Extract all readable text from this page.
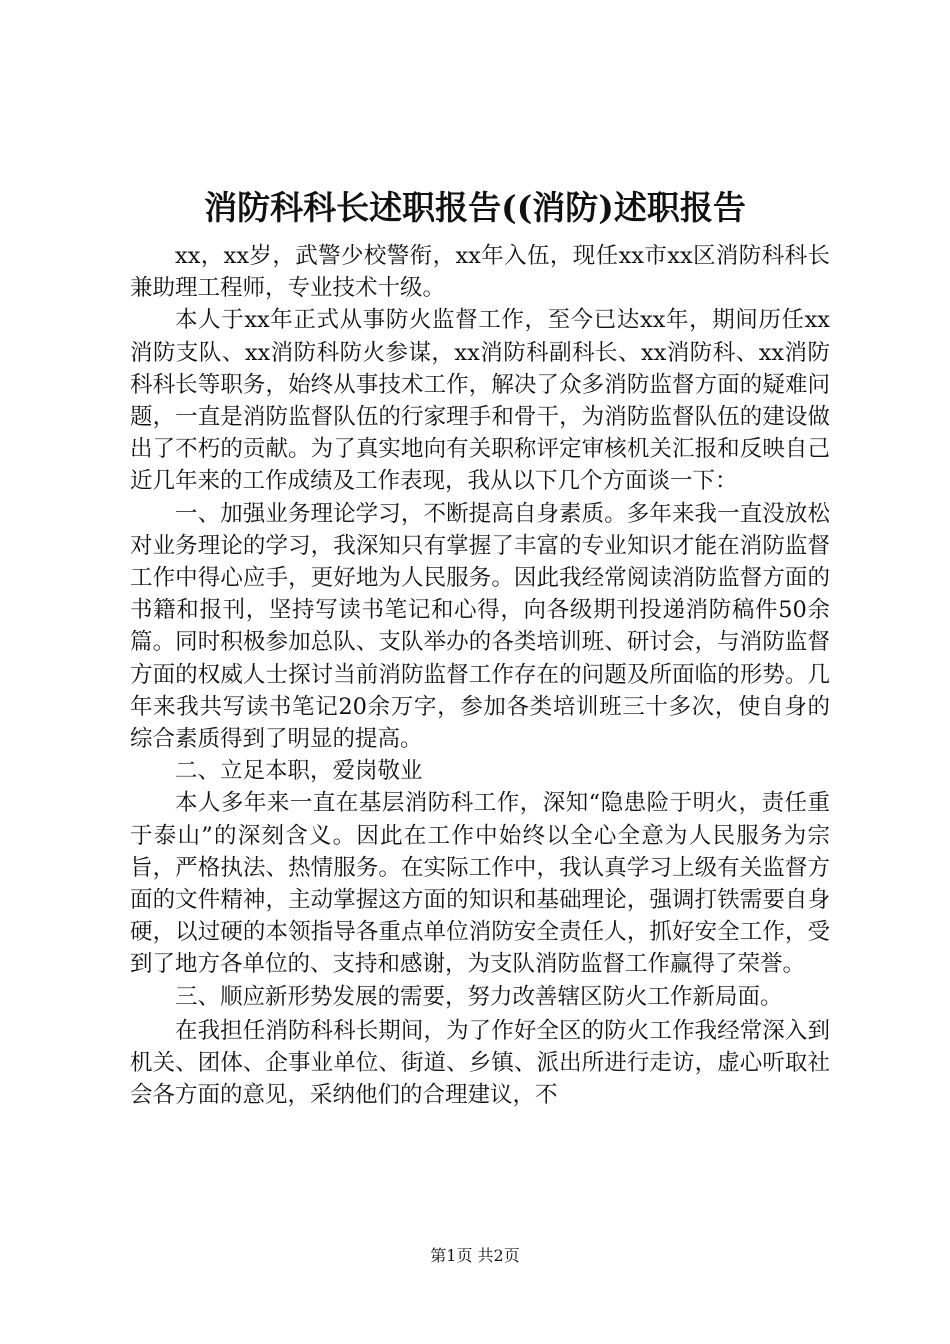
消防科科长述职报告((消防)述职报告

xx，xx岁，武警少校警衔，xx年入伍，现任xx市xx区消防科科长兼助理工程师，专业技术十级。

本人于xx年正式从事防火监督工作，至今已达xx年，期间历任xx消防支队、xx消防科防火参谋，xx消防科副科长、xx消防科、xx消防科科长等职务，始终从事技术工作，解决了众多消防监督方面的疑难问题，一直是消防监督队伍的行家理手和骨干，为消防监督队伍的建设做出了不朽的贡献。为了真实地向有关职称评定审核机关汇报和反映自己近几年来的工作成绩及工作表现，我从以下几个方面谈一下：

一、加强业务理论学习，不断提高自身素质。多年来我一直没放松对业务理论的学习，我深知只有掌握了丰富的专业知识才能在消防监督工作中得心应手，更好地为人民服务。因此我经常阅读消防监督方面的书籍和报刊，坚持写读书笔记和心得，向各级期刊投递消防稿件50余篇。同时积极参加总队、支队举办的各类培训班、研讨会，与消防监督方面的权威人士探讨当前消防监督工作存在的问题及所面临的形势。几年来我共写读书笔记20余万字，参加各类培训班三十多次，使自身的综合素质得到了明显的提高。

二、立足本职，爱岗敬业

本人多年来一直在基层消防科工作，深知“隐患险于明火，责任重于泰山”的深刻含义。因此在工作中始终以全心全意为人民服务为宗旨，严格执法、热情服务。在实际工作中，我认真学习上级有关监督方面的文件精神，主动掌握这方面的知识和基础理论，强调打铁需要自身硬，以过硬的本领指导各重点单位消防安全责任人，抓好安全工作，受到了地方各单位的、支持和感谢，为支队消防监督工作赢得了荣誉。

三、顺应新形势发展的需要，努力改善辖区防火工作新局面。

在我担任消防科科长期间，为了作好全区的防火工作我经常深入到机关、团体、企事业单位、街道、乡镇、派出所进行走访，虚心听取社会各方面的意见，采纳他们的合理建议，不

第1页 共2页
